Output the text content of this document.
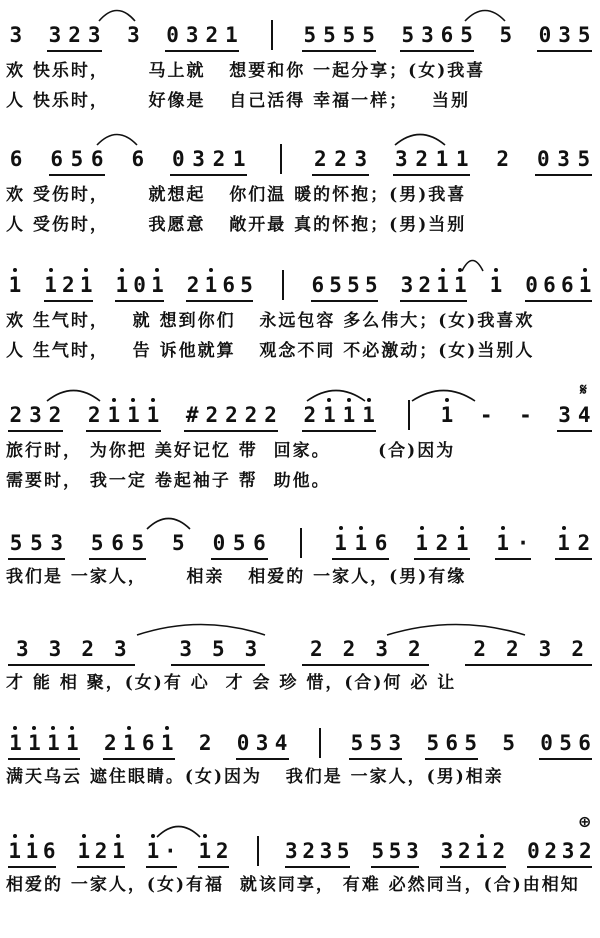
3 3 2 3 3 0 3 2 1	5 5 5 5 5 3 6 5 5 0 3 5
欢 快乐时，     马上就   想要和你 一起分享；(女)我喜
人 快乐时，     好像是   自己活得 幸福一样；   当别
6 6 5 6 6 0 3 2 1	2 2 3 3 2 1 1 2 0 3 5
欢 受伤时，     就想起   你们温 暖的怀抱；(男)我喜
人 受伤时，     我愿意   敞开最 真的怀抱；(男)当别
1 1 2 1 1 0 1 2 1 6 5	6 5 5 5 3 2 1 1 1 0 6 6 1
欢 生气时，   就 想到你们   永远包容 多么伟大；(女)我喜欢
人 生气时，   告 诉他就算   观念不同 不必激动；(女)当别人
2 3 2 2 1 1 1 # 2 2 2 2 2 1 1 1	1 - - 3 4
旅行时， 为你把 美好记忆 带  回家。      (合)因为
需要时， 我一定 卷起袖子 帮  助他。
5 5 3 5 6 5 5 0 5 6	1 1 6 1 2 1 1 · 1 2
我们是 一家人，     相亲   相爱的 一家人，(男)有缘
3 3 2 3	3 5 3	2 2 3 2	2 2 3 2
才 能 相 聚，(女)有 心  才 会 珍 惜，(合)何 必 让
1 1 1 1 2 1 6 1 2 0 3 4	5 5 3 5 6 5 5 0 5 6
满天乌云 遮住眼睛。(女)因为   我们是 一家人，(男)相亲
1 1 6 1 2 1 1 · 1 2	3 2 3 5 5 5 3 3 2 1 2 0 2 3 2
相爱的 一家人，(女)有福  就该同享， 有难 必然同当，(合)由相知
𝄋
⊕
